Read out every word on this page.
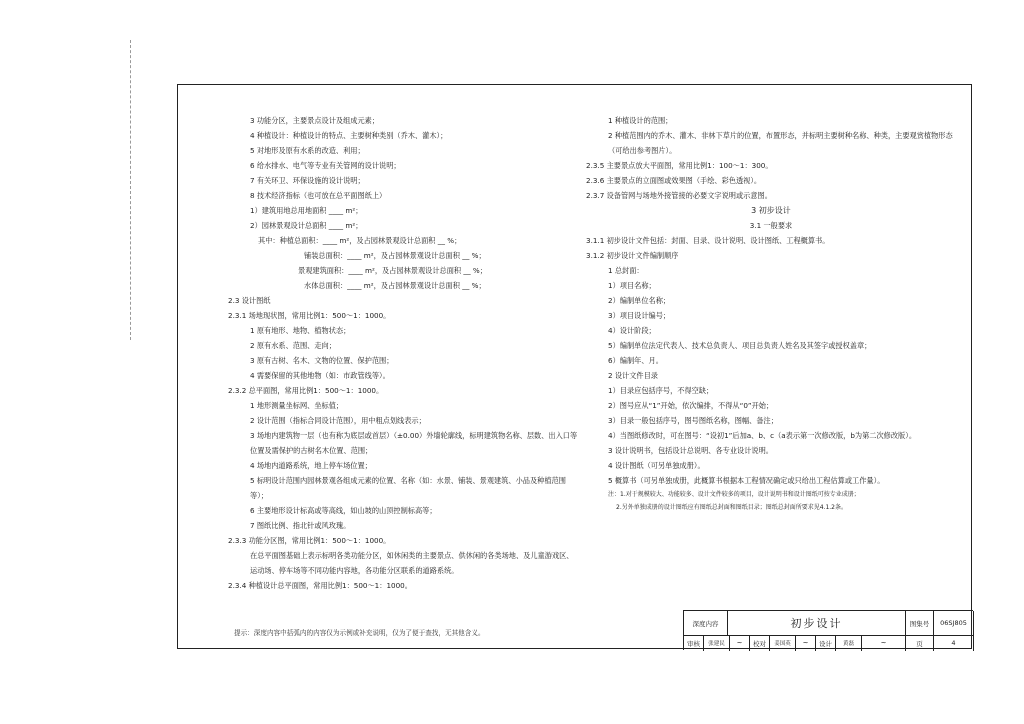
3 功能分区，主要景点设计及组成元素；
4 种植设计：种植设计的特点、主要树种类别（乔木、灌木）；
5 对地形及原有水系的改造、利用；
6 给水排水、电气等专业有关管网的设计说明；
7 有关环卫、环保设施的设计说明；
8 技术经济指标（也可放在总平面图纸上）
1）建筑用地总用地面积 ____ m²；
2）园林景观设计总面积 ____ m²；
其中：种植总面积：____ m²，及占园林景观设计总面积 __ %；
铺装总面积：____ m²，及占园林景观设计总面积 __ %；
景观建筑面积：____ m²，及占园林景观设计总面积 __ %；
水体总面积：____ m²，及占园林景观设计总面积 __ %；
2.3 设计图纸
2.3.1 场地现状图，常用比例1：500～1：1000。
1 原有地形、地物、植物状态；
2 原有水系、范围、走向；
3 原有古树、名木、文物的位置、保护范围；
4 需要保留的其他地物（如：市政管线等）。
2.3.2 总平面图，常用比例1：500～1：1000。
1 地形测量坐标网、坐标值；
2 设计范围（指标合同设计范围），用中粗点划线表示；
3 场地内建筑物一层（也有称为底层或首层）（±0.00）外墙轮廓线，标明建筑物名称、层数、出入口等位置及需保护的古树名木位置、范围；
4 场地内道路系统，地上停车场位置；
5 标明设计范围内园林景观各组成元素的位置、名称（如：水景、铺装、景观建筑、小品及种植范围等）；
6 主要地形设计标高或等高线，如山坡的山顶控制标高等；
7 图纸比例、指北针或风玫瑰。
2.3.3 功能分区图，常用比例1：500～1：1000。
在总平面图基础上表示标明各类功能分区，如休闲类的主要景点、供休闲的各类场地、及儿童游戏区、运动场、停车场等不同功能内容地，各功能分区联系的道路系统。
2.3.4 种植设计总平面图，常用比例1：500～1：1000。
1 种植设计的范围；
2 种植范围内的乔木、灌木、非林下草片的位置，布置形态，并标明主要树种名称、种类，主要观赏植物形态（可给出参考图片）。
2.3.5 主要景点放大平面图，常用比例1：100～1：300。
2.3.6 主要景点的立面图或效果图（手绘、彩色透视）。
2.3.7 设备管网与场地外接管接的必要文字说明或示意图。
3 初步设计
3.1 一般要求
3.1.1 初步设计文件包括：封面、目录、设计说明、设计图纸、工程概算书。
3.1.2 初步设计文件编制顺序
1 总封面：
1）项目名称；
2）编制单位名称；
3）项目设计编号；
4）设计阶段；
5）编制单位法定代表人、技术总负责人、项目总负责人姓名及其签字或授权盖章；
6）编制年、月。
2 设计文件目录
1）目录应包括序号，不得空缺；
2）图号应从“1”开始，依次编排，不得从“0”开始；
3）目录一般包括序号，图号图纸名称，图幅、备注；
4）当图纸修改时，可在图号：“设初1”后加a、b、c（a表示第一次修改版，b为第二次修改版）。
3 设计说明书，包括设计总说明、各专业设计说明。
4 设计图纸（可另单独成册）。
5 概算书（可另单独成册，此概算书根据本工程情况确定或只给出工程估算或工作量）。
注：1.对于规模较大、功能较多、设计文件较多的项目，设计说明书和设计图纸可按专业成册；
2.另外单独成册的设计图纸应有图纸总封面和图纸目录；图纸总封面所要求见4.1.2条。
提示：深度内容中括弧内的内容仅为示例或补充说明，仅为了便于查找，无其他含义。
深度内容	初步设计	图集号	06SJ805
审核	张建民	~	校对	姜国英	~	设计	黄磊	~	页	4
